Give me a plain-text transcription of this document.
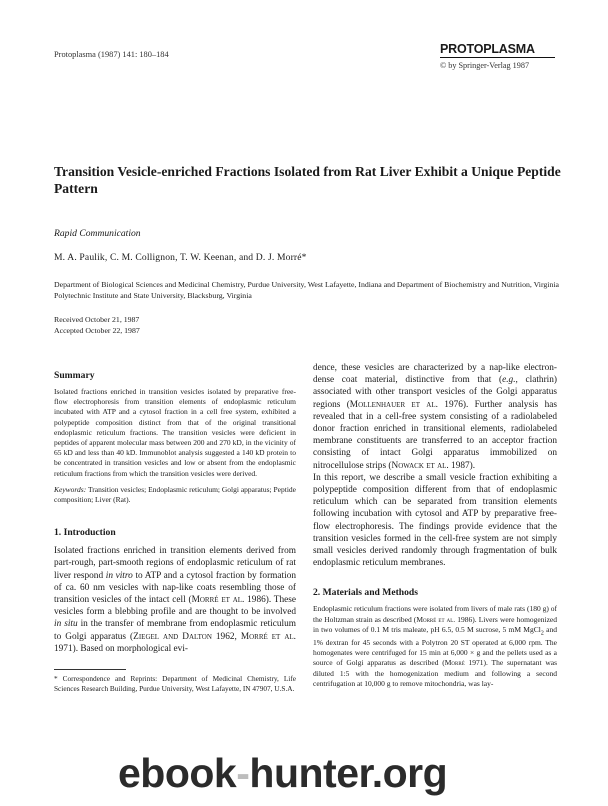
Protoplasma (1987) 141: 180–184	PROTOPLASMA
© by Springer-Verlag 1987
Transition Vesicle-enriched Fractions Isolated from Rat Liver Exhibit a Unique Peptide Pattern
Rapid Communication
M. A. Paulik, C. M. Collignon, T. W. Keenan, and D. J. Morré*
Department of Biological Sciences and Medicinal Chemistry, Purdue University, West Lafayette, Indiana and Department of Biochemistry and Nutrition, Virginia Polytechnic Institute and State University, Blacksburg, Virginia
Received October 21, 1987
Accepted October 22, 1987
Summary

Isolated fractions enriched in transition vesicles isolated by preparative free-flow electrophoresis from transition elements of endoplasmic reticulum incubated with ATP and a cytosol fraction in a cell free system, exhibited a polypeptide composition distinct from that of the original transitional endoplasmic reticulum fractions. The transition vesicles were deficient in peptides of apparent molecular mass between 200 and 270 kD, in the vicinity of 65 kD and less than 40 kD. Immunoblot analysis suggested a 140 kD protein to be concentrated in transition vesicles and low or absent from the endoplasmic reticulum fractions from which the transition vesicles were derived.

Keywords: Transition vesicles; Endoplasmic reticulum; Golgi apparatus; Peptide composition; Liver (Rat).

1. Introduction

Isolated fractions enriched in transition elements derived from part-rough, part-smooth regions of endoplasmic reticulum of rat liver respond in vitro to ATP and a cytosol fraction by formation of ca. 60 nm vesicles with nap-like coats resembling those of transition vesicles of the intact cell (Morré et al. 1986). These vesicles form a blebbing profile and are thought to be involved in situ in the transfer of membrane from endoplasmic reticulum to Golgi apparatus (Ziegel and Dalton 1962, Morré et al. 1971). Based on morphological evi-

* Correspondence and Reprints: Department of Medicinal Chemistry, Life Sciences Research Building, Purdue University, West Lafayette, IN 47907, U.S.A.

dence, these vesicles are characterized by a nap-like electron-dense coat material, distinctive from that (e.g., clathrin) associated with other transport vesicles of the Golgi apparatus regions (Mollenhauer et al. 1976). Further analysis has revealed that in a cell-free system consisting of a radiolabeled donor fraction enriched in transitional elements, radiolabeled membrane constituents are transferred to an acceptor fraction consisting of intact Golgi apparatus immobilized on nitrocellulose strips (Nowack et al. 1987).

In this report, we describe a small vesicle fraction exhibiting a polypeptide composition different from that of endoplasmic reticulum which can be separated from transition elements following incubation with cytosol and ATP by preparative free-flow electrophoresis. The findings provide evidence that the transition vesicles formed in the cell-free system are not simply small vesicles derived randomly through fragmentation of bulk endoplasmic reticulum membranes.

2. Materials and Methods

Endoplasmic reticulum fractions were isolated from livers of male rats (180 g) of the Holtzman strain as described (Morré et al. 1986). Livers were homogenized in two volumes of 0.1 M tris maleate, pH 6.5, 0.5 M sucrose, 5 mM MgCl$_2$ and 1% dextran for 45 seconds with a Polytron 20 ST operated at 6,000 rpm. The homogenates were centrifuged for 15 min at 6,000 × g and the pellets used as a source of Golgi apparatus as described (Morré 1971). The supernatant was diluted 1:5 with the homogenization medium and following a second centrifugation at 10,000 g to remove mitochondria, was lay-

ebook-hunter.org
